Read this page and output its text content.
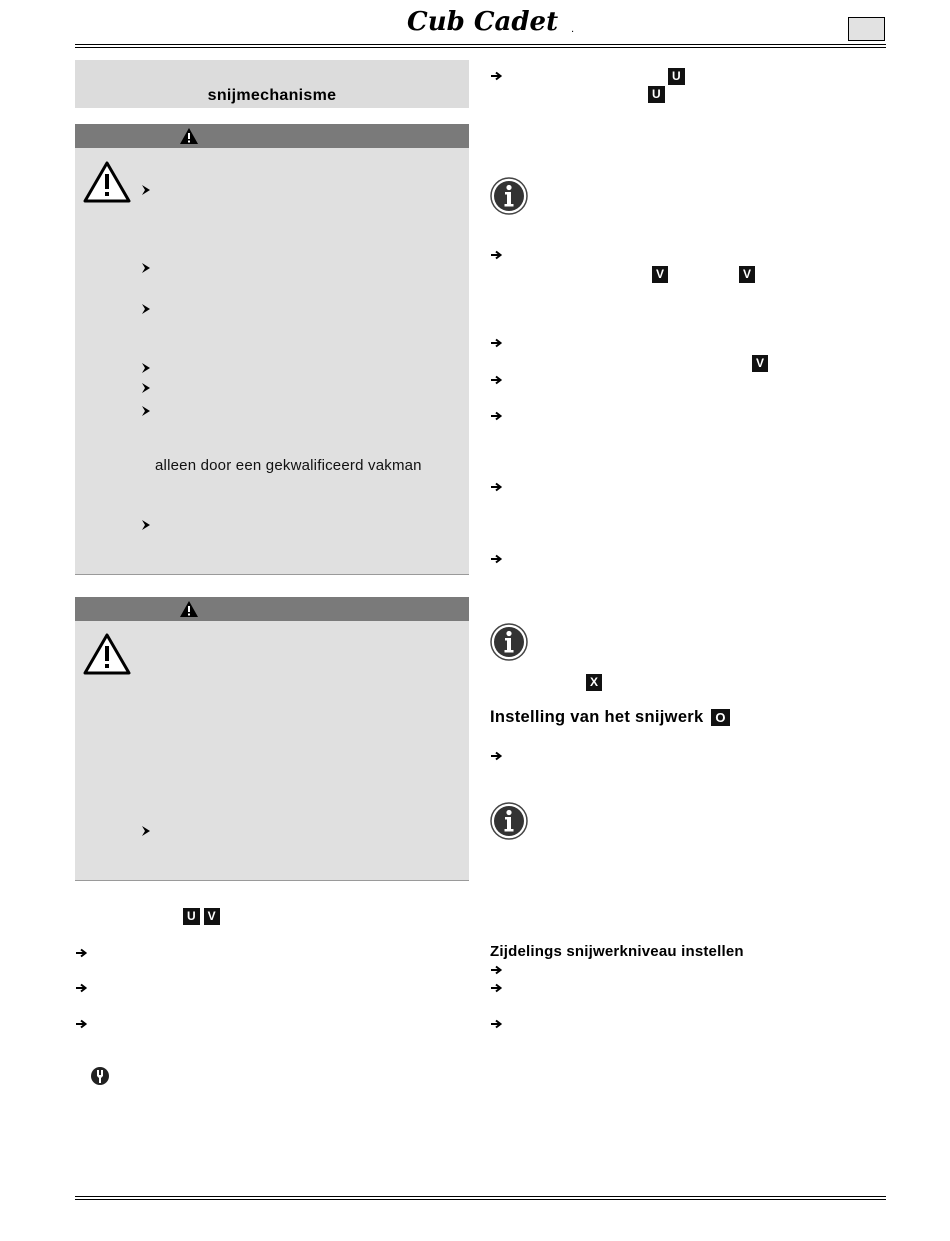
Cub Cadet .
snijmechanisme
alleen door een gekwalificeerd vakman
U V
U
U
V	V
V
X
Instelling van het snijwerk O
Zijdelings snijwerkniveau instellen
